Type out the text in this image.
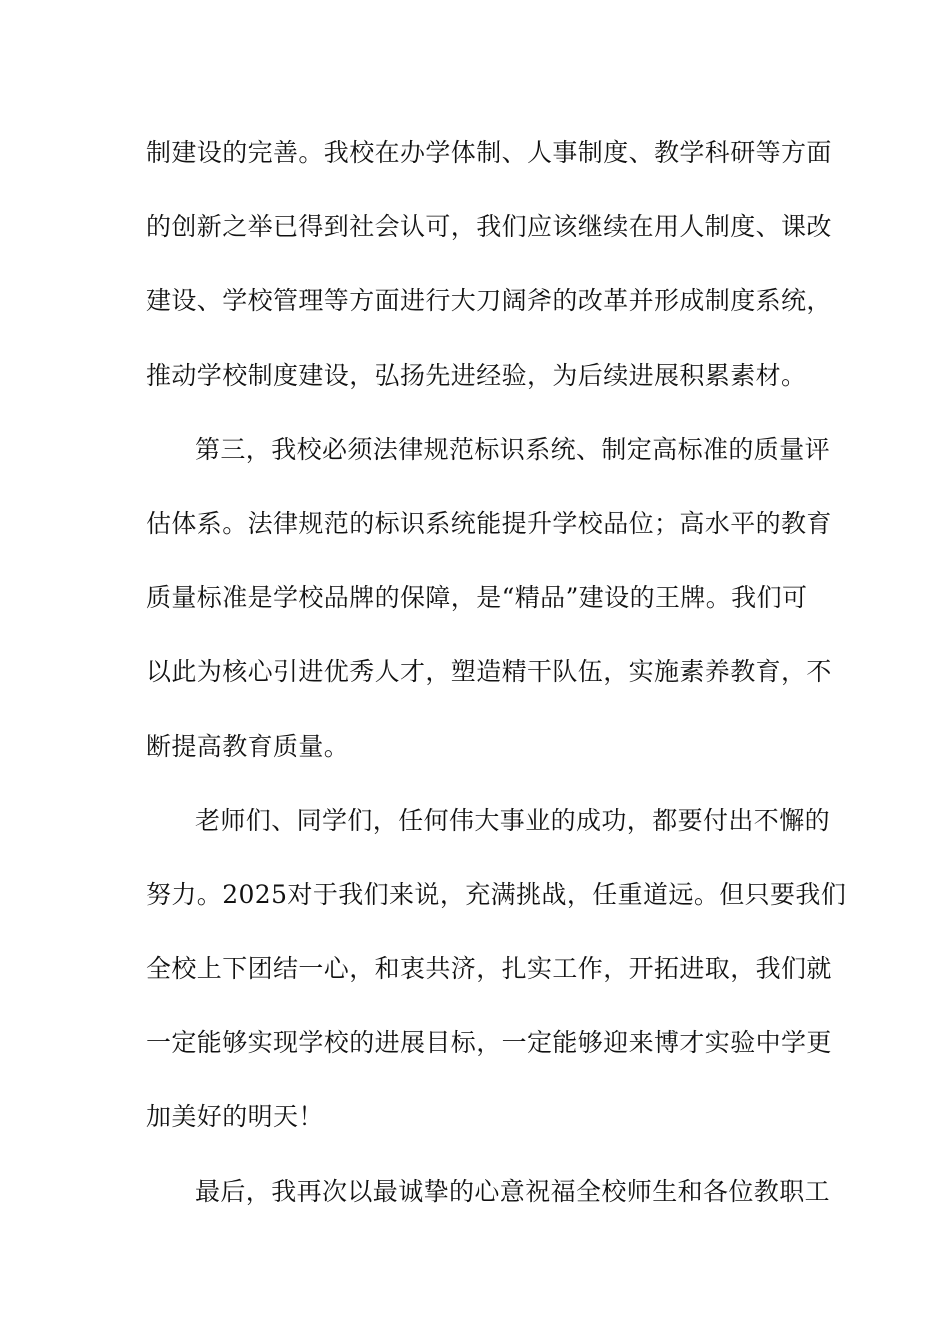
制建设的完善。我校在办学体制、人事制度、教学科研等方面
的创新之举已得到社会认可，我们应该继续在用人制度、课改
建设、学校管理等方面进行大刀阔斧的改革并形成制度系统，
推动学校制度建设，弘扬先进经验，为后续进展积累素材。
第三，我校必须法律规范标识系统、制定高标准的质量评
估体系。法律规范的标识系统能提升学校品位；高水平的教育
质量标准是学校品牌的保障，是“精品”建设的王牌。我们可
以此为核心引进优秀人才，塑造精干队伍，实施素养教育，不
断提高教育质量。
老师们、同学们，任何伟大事业的成功，都要付出不懈的
努力。2025对于我们来说，充满挑战，任重道远。但只要我们
全校上下团结一心，和衷共济，扎实工作，开拓进取，我们就
一定能够实现学校的进展目标，一定能够迎来博才实验中学更
加美好的明天！
最后，我再次以最诚挚的心意祝福全校师生和各位教职工
